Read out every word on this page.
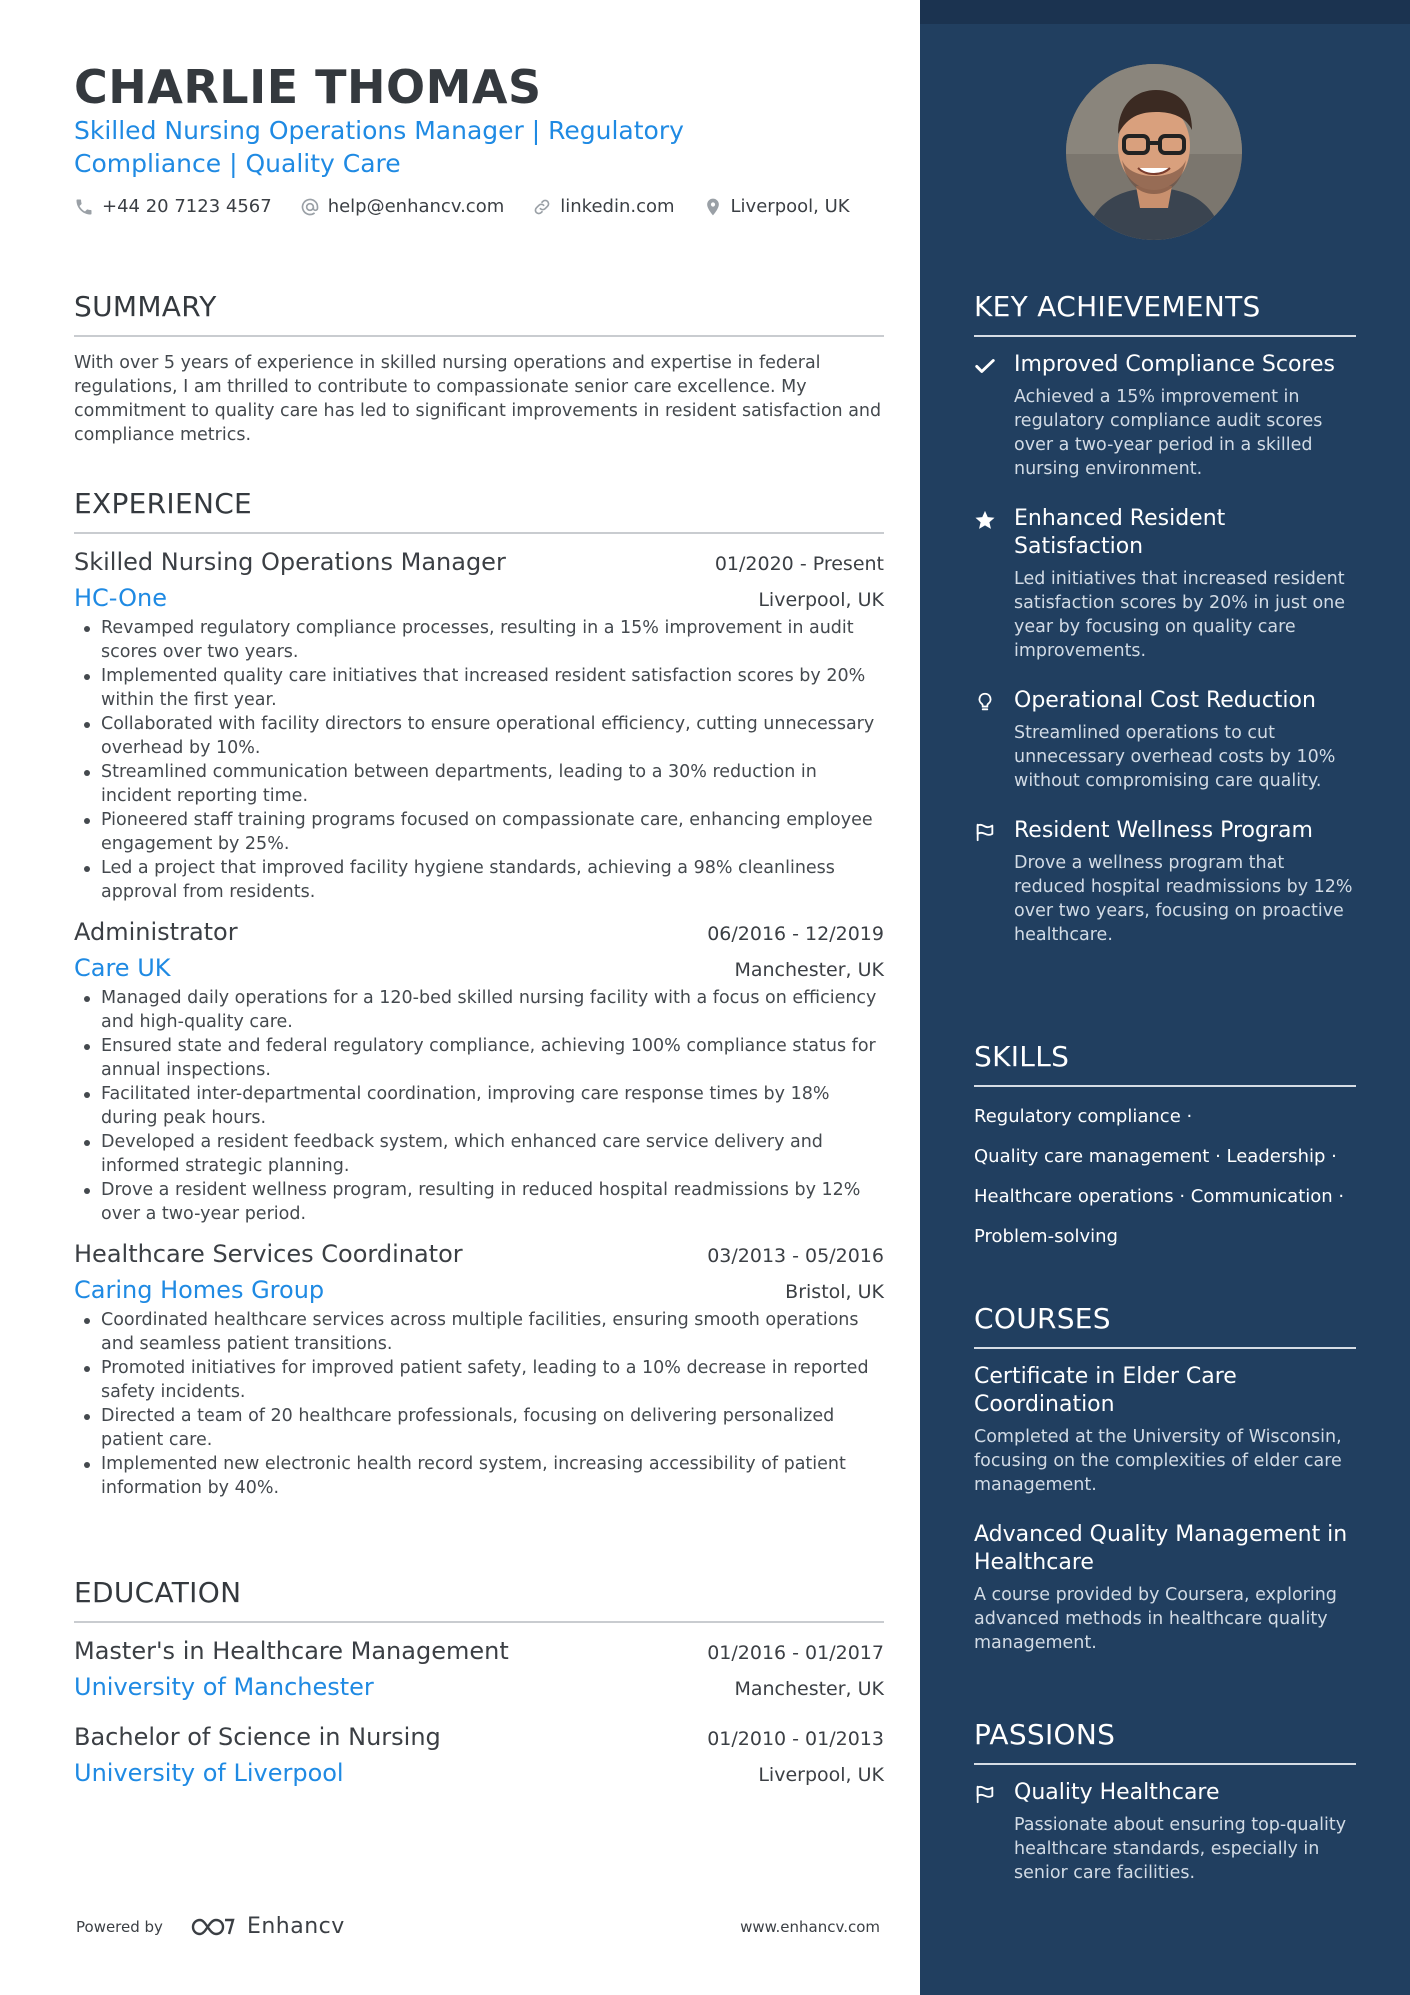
CHARLIE THOMAS
Skilled Nursing Operations Manager | Regulatory Compliance | Quality Care
+44 20 7123 4567	help@enhancv.com	linkedin.com	Liverpool, UK
SUMMARY
With over 5 years of experience in skilled nursing operations and expertise in federal regulations, I am thrilled to contribute to compassionate senior care excellence. My commitment to quality care has led to significant improvements in resident satisfaction and compliance metrics.
EXPERIENCE
Skilled Nursing Operations Manager	01/2020 - Present
HC-One	Liverpool, UK
Revamped regulatory compliance processes, resulting in a 15% improvement in audit scores over two years.
Implemented quality care initiatives that increased resident satisfaction scores by 20% within the first year.
Collaborated with facility directors to ensure operational efficiency, cutting unnecessary overhead by 10%.
Streamlined communication between departments, leading to a 30% reduction in incident reporting time.
Pioneered staff training programs focused on compassionate care, enhancing employee engagement by 25%.
Led a project that improved facility hygiene standards, achieving a 98% cleanliness approval from residents.
Administrator	06/2016 - 12/2019
Care UK	Manchester, UK
Managed daily operations for a 120-bed skilled nursing facility with a focus on efficiency and high-quality care.
Ensured state and federal regulatory compliance, achieving 100% compliance status for annual inspections.
Facilitated inter-departmental coordination, improving care response times by 18% during peak hours.
Developed a resident feedback system, which enhanced care service delivery and informed strategic planning.
Drove a resident wellness program, resulting in reduced hospital readmissions by 12% over a two-year period.
Healthcare Services Coordinator	03/2013 - 05/2016
Caring Homes Group	Bristol, UK
Coordinated healthcare services across multiple facilities, ensuring smooth operations and seamless patient transitions.
Promoted initiatives for improved patient safety, leading to a 10% decrease in reported safety incidents.
Directed a team of 20 healthcare professionals, focusing on delivering personalized patient care.
Implemented new electronic health record system, increasing accessibility of patient information by 40%.
EDUCATION
Master's in Healthcare Management	01/2016 - 01/2017
University of Manchester	Manchester, UK
Bachelor of Science in Nursing	01/2010 - 01/2013
University of Liverpool	Liverpool, UK
Powered by	Enhancv	www.enhancv.com
KEY ACHIEVEMENTS
Improved Compliance Scores
Achieved a 15% improvement in regulatory compliance audit scores over a two-year period in a skilled nursing environment.
Enhanced Resident Satisfaction
Led initiatives that increased resident satisfaction scores by 20% in just one year by focusing on quality care improvements.
Operational Cost Reduction
Streamlined operations to cut unnecessary overhead costs by 10% without compromising care quality.
Resident Wellness Program
Drove a wellness program that reduced hospital readmissions by 12% over two years, focusing on proactive healthcare.
SKILLS
Regulatory compliance ·
Quality care management · Leadership ·
Healthcare operations · Communication ·
Problem-solving
COURSES
Certificate in Elder Care Coordination
Completed at the University of Wisconsin, focusing on the complexities of elder care management.
Advanced Quality Management in Healthcare
A course provided by Coursera, exploring advanced methods in healthcare quality management.
PASSIONS
Quality Healthcare
Passionate about ensuring top-quality healthcare standards, especially in senior care facilities.
